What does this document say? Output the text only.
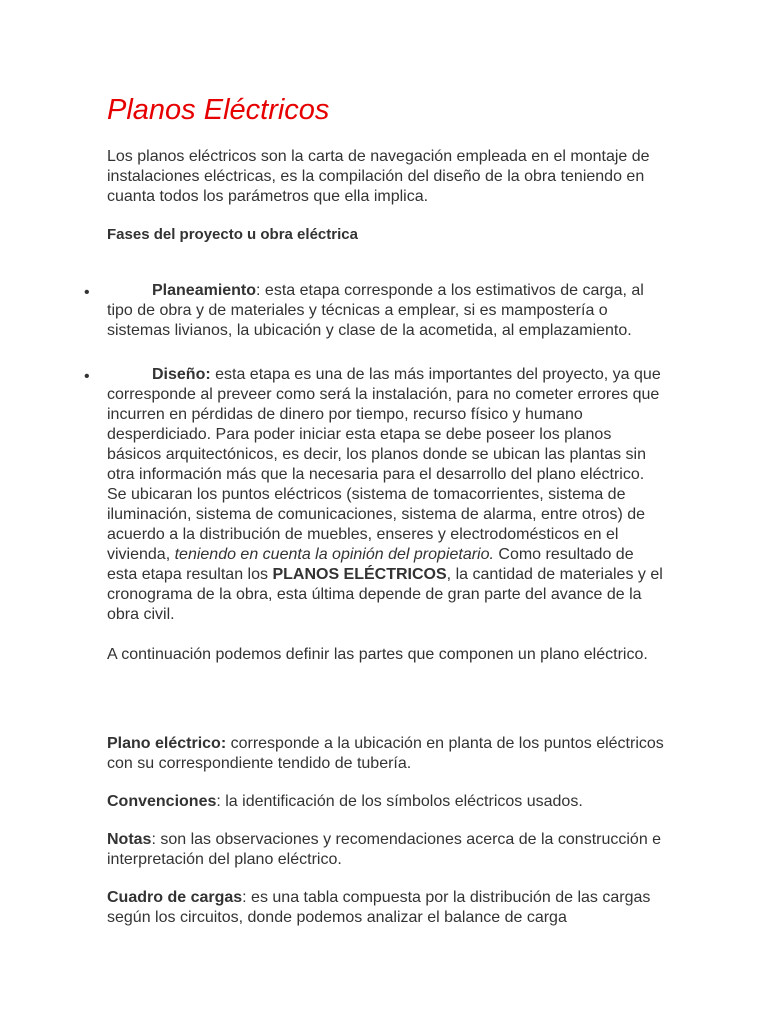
Planos Eléctricos

Los planos eléctricos son la carta de navegación empleada en el montaje de instalaciones eléctricas, es la compilación del diseño de la obra teniendo en cuanta todos los parámetros que ella implica.

Fases del proyecto u obra eléctrica

•	Planeamiento: esta etapa corresponde a los estimativos de carga, al tipo de obra y de materiales y técnicas a emplear, si es mampostería o sistemas livianos, la ubicación y clase de la acometida, al emplazamiento.

•	Diseño: esta etapa es una de las más importantes del proyecto, ya que corresponde al preveer como será la instalación, para no cometer errores que incurren en pérdidas de dinero por tiempo, recurso físico y humano desperdiciado. Para poder iniciar esta etapa se debe poseer los planos básicos arquitectónicos, es decir, los planos donde se ubican las plantas sin otra información más que la necesaria para el desarrollo del plano eléctrico. Se ubicaran los puntos eléctricos (sistema de tomacorrientes, sistema de iluminación, sistema de comunicaciones, sistema de alarma, entre otros) de acuerdo a la distribución de muebles, enseres y electrodomésticos en el vivienda, teniendo en cuenta la opinión del propietario. Como resultado de esta etapa resultan los PLANOS ELÉCTRICOS, la cantidad de materiales y el cronograma de la obra, esta última depende de gran parte del avance de la obra civil.

A continuación podemos definir las partes que componen un plano eléctrico.

Plano eléctrico: corresponde a la ubicación en planta de los puntos eléctricos con su correspondiente tendido de tubería.

Convenciones: la identificación de los símbolos eléctricos usados.

Notas: son las observaciones y recomendaciones acerca de la construcción e interpretación del plano eléctrico.

Cuadro de cargas: es una tabla compuesta por la distribución de las cargas según los circuitos, donde podemos analizar el balance de carga
